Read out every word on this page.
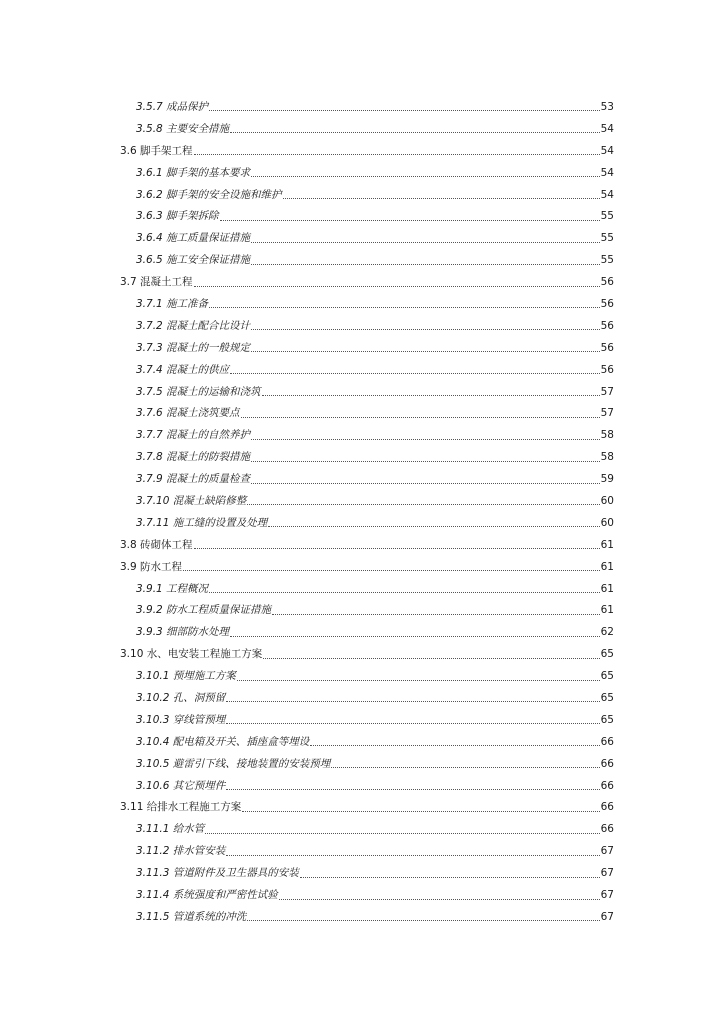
3.5.7 成品保护	53
3.5.8 主要安全措施	54
3.6 脚手架工程	54
3.6.1 脚手架的基本要求	54
3.6.2 脚手架的安全设施和维护	54
3.6.3 脚手架拆除	55
3.6.4 施工质量保证措施	55
3.6.5 施工安全保证措施	55
3.7 混凝土工程	56
3.7.1 施工准备	56
3.7.2 混凝土配合比设计	56
3.7.3 混凝土的一般规定	56
3.7.4 混凝土的供应	56
3.7.5 混凝土的运输和浇筑	57
3.7.6 混凝土浇筑要点	57
3.7.7 混凝土的自然养护	58
3.7.8 混凝土的防裂措施	58
3.7.9 混凝土的质量检查	59
3.7.10 混凝土缺陷修整	60
3.7.11 施工缝的设置及处理	60
3.8 砖砌体工程	61
3.9 防水工程	61
3.9.1 工程概况	61
3.9.2 防水工程质量保证措施	61
3.9.3 细部防水处理	62
3.10 水、电安装工程施工方案	65
3.10.1 预埋施工方案	65
3.10.2 孔、洞预留	65
3.10.3 穿线管预埋	65
3.10.4 配电箱及开关、插座盒等埋设	66
3.10.5 避雷引下线、接地装置的安装预埋	66
3.10.6 其它预埋件	66
3.11 给排水工程施工方案	66
3.11.1 给水管	66
3.11.2 排水管安装	67
3.11.3 管道附件及卫生器具的安装	67
3.11.4 系统强度和严密性试验	67
3.11.5 管道系统的冲洗	67
